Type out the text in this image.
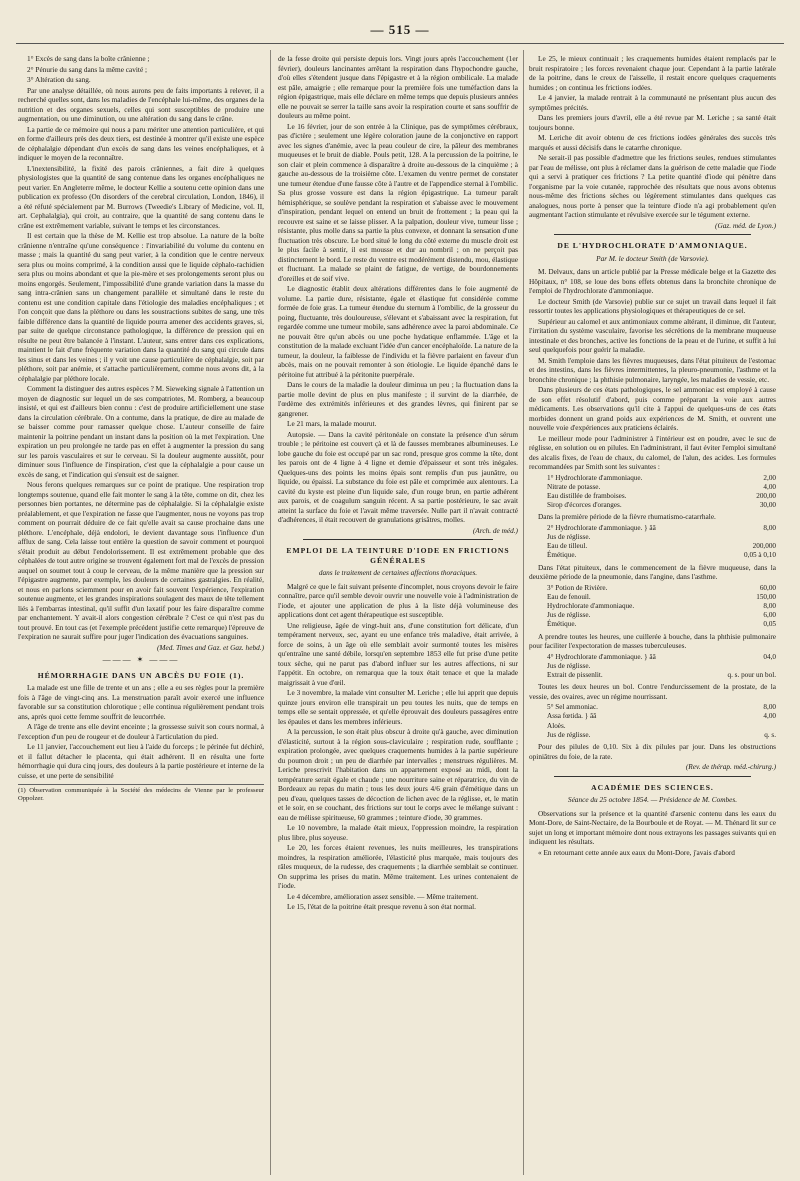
— 515 —

1° Excès de sang dans la boîte crânienne ;

2° Pénurie du sang dans la même cavité ;

3° Altération du sang.

Par une analyse détaillée, où nous aurons peu de faits importants à relever, il a recherché quelles sont, dans les maladies de l'encéphale lui-même, des organes de la nutrition et des organes sexuels, celles qui sont susceptibles de produire une augmentation, ou une diminution, ou une altération du sang dans le crâne.

La partie de ce mémoire qui nous a paru mériter une attention particulière, et qui en forme d'ailleurs près des deux tiers, est destinée à montrer qu'il existe une espèce de céphalalgie dépendant d'un excès de sang dans les veines encéphaliques, et à indiquer le moyen de la reconnaître.

L'inextensibilité, la fixité des parois crâniennes, a fait dire à quelques physiologistes que la quantité de sang contenue dans les organes encéphaliques ne peut varier. En Angleterre même, le docteur Kellie a soutenu cette opinion dans une publication ex professo (On disorders of the cerebral circulation, London, 1846), il a été réfuté spécialement par M. Burrows (Tweedie's Library of Medicine, vol. II, art. Cephalalgia), qui croit, au contraire, que la quantité de sang contenu dans le crâne est extrêmement variable, suivant le temps et les circonstances.

Il est certain que la thèse de M. Kellie est trop absolue. La nature de la boîte crânienne n'entraîne qu'une conséquence : l'invariabilité du volume du contenu en masse ; mais la quantité du sang peut varier, à la condition que le centre nerveux sera plus ou moins comprimé, à la condition aussi que le liquide céphalo-rachidien sera plus ou moins abondant et que la pie-mère et ses prolongements seront plus ou moins engorgés. Seulement, l'impossibilité d'une grande variation dans la masse du sang intra-crânien sans un changement parallèle et simultané dans le reste du contenu est une condition capitale dans l'étiologie des maladies encéphaliques ; et l'on conçoit que dans la pléthore ou dans les soustractions subites de sang, une très faible différence dans la quantité de liquide pourra amener des accidents graves, si, par suite de quelque circonstance pathologique, la différence de pression qui en résulte ne peut être balancée à l'instant. L'auteur, sans entrer dans ces explications, maintient le fait d'une fréquente variation dans la quantité du sang qui circule dans les sinus et dans les veines ; il y voit une cause particulière de céphalalgie, soit par pléthore, soit par anémie, et s'attache particulièrement, comme nous avons dit, à la céphalalgie par pléthore locale.

Comment la distinguer des autres espèces ? M. Sieweking signale à l'attention un moyen de diagnostic sur lequel un de ses compatriotes, M. Romberg, a beaucoup insisté, et qui est d'ailleurs bien connu : c'est de produire artificiellement une stase dans la circulation cérébrale. On a contume, dans la pratique, de dire au malade de se baisser comme pour ramasser quelque chose. L'auteur conseille de faire maintenir la poitrine pendant un instant dans la position où la met l'expiration. Une expiration un peu prolongée ne tarde pas en effet à augmenter la pression du sang sur les parois vasculaires et sur le cerveau. Si la douleur augmente aussitôt, pour diminuer sous l'influence de l'inspiration, c'est que la céphalalgie a pour cause un excès de sang, et l'indication qui s'ensuit est de saigner.

Nous ferons quelques remarques sur ce point de pratique. Une respiration trop longtemps soutenue, quand elle fait monter le sang à la tête, comme on dit, chez les personnes bien portantes, ne détermine pas de céphalalgie. Si la céphalalgie existe préalablement, et que l'expiration ne fasse que l'augmenter, nous ne voyons pas trop comment on pourrait déduire de ce fait qu'elle avait sa cause prochaine dans une pléthore. L'encéphale, déjà endolori, le devient davantage sous l'influence d'un afflux de sang. Cela laisse tout entière la question de savoir comment et pourquoi s'était produit au début l'endolorissement. Il est extrêmement probable que des céphalées de tout autre origine se trouvent également fort mal de l'excès de pression auquel on soumet tout à coup le cerveau, de la même manière que la pression sur l'épigastre augmente, par exemple, les douleurs de certaines gastralgies. En réalité, et nous en parlons sciemment pour en avoir fait souvent l'expérience, l'expiration soutenue augmente, et les grandes inspirations soulagent des maux de tête tellement liés à l'embarras intestinal, qu'il suffit d'un laxatif pour les faire disparaître comme par enchantement. Y avait-il alors congestion cérébrale ? C'est ce qui n'est pas du tout prouvé. En tout cas (et l'exemple précédent justifie cette remarque) l'épreuve de l'expiration ne saurait suffire pour juger l'indication des évacuations sanguines.

(Med. Times and Gaz. et Gaz. hebd.)

——— ✶ ———

HÉMORRHAGIE DANS UN ABCÈS DU FOIE (1).

La malade est une fille de trente et un ans ; elle a eu ses règles pour la première fois à l'âge de vingt-cinq ans. La menstruation paraît avoir exercé une influence favorable sur sa constitution chlorotique ; elle continua régulièrement pendant trois ans, après quoi cette femme souffrit de leucorrhée.

A l'âge de trente ans elle devint enceinte ; la grossesse suivit son cours normal, à l'exception d'un peu de rougeur et de douleur à l'articulation du pied.

Le 11 janvier, l'accouchement eut lieu à l'aide du forceps ; le périnée fut déchiré, et il fallut détacher le placenta, qui était adhérent. Il en résulta une forte hémorrhagie qui dura cinq jours, des douleurs à la partie postérieure et interne de la cuisse, et une perte de sensibilité

(1) Observation communiquée à la Société des médecins de Vienne par le professeur Oppolzer.

de la fesse droite qui persiste depuis lors. Vingt jours après l'accouchement (1er février), douleurs lancinantes arrêtant la respiration dans l'hypochondre gauche, d'où elles s'étendent jusque dans l'épigastre et à la région ombilicale. La malade est pâle, amaigrie ; elle remarque pour la première fois une tuméfaction dans la région épigastrique, mais elle déclare en même temps que depuis plusieurs années elle ne pouvait se serrer la taille sans avoir la respiration courte et sans souffrir de douleurs au même point.

Le 16 février, jour de son entrée à la Clinique, pas de symptômes cérébraux, pas d'ictère ; seulement une légère coloration jaune de la conjonctive en rapport avec les signes d'anémie, avec la peau couleur de cire, la pâleur des membranes muqueuses et le bruit de diable. Pouls petit, 128. A la percussion de la poitrine, le son clair et plein commence à disparaître à droite au-dessous de la cinquième ; à gauche au-dessous de la troisième côte. L'examen du ventre permet de constater une tumeur étendue d'une fausse côte à l'autre et de l'appendice sternal à l'ombilic. Sa plus grosse vossure est dans la région épigastrique. La tumeur paraît hémisphérique, se soulève pendant la respiration et s'abaisse avec le mouvement d'inspiration, pendant lequel on entend un bruit de frottement ; la peau qui la recouvre est saine et se laisse plisser. A la palpation, douleur vive, tumeur lisse ; résistante, plus molle dans sa partie la plus convexe, et donnant la sensation d'une fluctuation très obscure. Le bord situé le long du côté externe du muscle droit est le plus facile à sentir, il est mousse et dur au nombril ; on ne perçoit pas distinctement le bord. Le reste du ventre est modérément distendu, mou, élastique et fluctuant. La malade se plaint de fatigue, de vertige, de bourdonnements d'oreilles et de soif vive.

Le diagnostic établit deux altérations différentes dans le foie augmenté de volume. La partie dure, résistante, égale et élastique fut considérée comme formée de foie gras. La tumeur étendue du sternum à l'ombilic, de la grosseur du poing, fluctuante, très douloureuse, s'élevant et s'abaissant avec la respiration, fut regardée comme une tumeur mobile, sans adhérence avec la paroi abdominale. Ce ne pouvait être qu'un abcès ou une poche hydatique enflammée. L'âge et la constitution de la malade excluant l'idée d'un cancer encéphaloïde. La nature de la tumeur, la douleur, la faiblesse de l'individu et la fièvre parlaient en faveur d'un abcès, mais on ne pouvait remonter à son étiologie. Le liquide épanché dans le péritoine fut attribué à la péritonite puerpérale.

Dans le cours de la maladie la douleur diminua un peu ; la fluctuation dans la partie molle devint de plus en plus manifeste ; il survint de la diarrhée, de l'œdème des extrémités inférieures et des grandes lèvres, qui finirent par se gangrener.

Le 21 mars, la malade mourut.

Autopsie. — Dans la cavité péritonéale on constate la présence d'un sérum trouble ; le péritoine est couvert çà et là de fausses membranes albumineuses. Le lobe gauche du foie est occupé par un sac rond, presque gros comme la tête, dont les parois ont de 4 ligne à 4 ligne et demie d'épaisseur et sont très inégales. Quelques-uns des points les moins épais sont remplis d'un pus jaunâtre, ou liquide, ou épaissi. La substance du foie est pâle et comprimée aux alentours. La cavité du kyste est pleine d'un liquide sale, d'un rouge brun, en partie adhérent aux parois, et de coagulum sanguin récent. A sa partie postérieure, le sac avait atteint la surface du foie et l'avait même traversée. Nulle part il n'avait contracté d'adhérences, il était recouvert de granulations grisâtres, molles.

(Arch. de méd.)

EMPLOI DE LA TEINTURE D'IODE EN FRICTIONS GÉNÉRALES

dans le traitement de certaines affections thoraciques.

Malgré ce que le fait suivant présente d'incomplet, nous croyons devoir le faire connaître, parce qu'il semble devoir ouvrir une nouvelle voie à l'administration de l'iode, et ajouter une application de plus à la liste déjà volumineuse des applications dont cet agent thérapeutique est susceptible.

Une religieuse, âgée de vingt-huit ans, d'une constitution fort délicate, d'un tempérament nerveux, sec, ayant eu une enfance très maladive, était arrivée, à force de soins, à un âge où elle semblait avoir surmonté toutes les misères qu'entraîne une santé débile, lorsqu'en septembre 1853 elle fut prise d'une petite toux sèche, qui ne parut pas d'abord influer sur les autres affections, ni sur l'appétit. En octobre, on remarqua que la toux était tenace et que la malade maigrissait à vue d'œil.

Le 3 novembre, la malade vint consulter M. Leriche ; elle lui apprit que depuis quinze jours environ elle transpirait un peu toutes les nuits, que de temps en temps elle se sentait oppressée, et qu'elle éprouvait des douleurs passagères entre les épaules et dans les membres inférieurs.

A la percussion, le son était plus obscur à droite qu'à gauche, avec diminution d'élasticité, surtout à la région sous-claviculaire ; respiration rude, soufflante ; expiration prolongée, avec quelques craquements humides à la partie supérieure du poumon droit ; un peu de diarrhée par intervalles ; menstrues régulières. M. Leriche prescrivit l'habitation dans un appartement exposé au midi, dont la température serait égale et chaude ; une nourriture saine et réparatrice, du vin de Bordeaux au repas du matin ; tous les deux jours 4/6 grain d'émétique dans un peu d'eau, quelques tasses de décoction de lichen avec de la réglisse, et, le matin et le soir, en se couchant, des frictions sur tout le corps avec le mélange suivant : eau de mélisse spiritueuse, 60 grammes ; teinture d'iode, 30 grammes.

Le 10 novembre, la malade était mieux, l'oppression moindre, la respiration plus libre, plus soyeuse.

Le 20, les forces étaient revenues, les nuits meilleures, les transpirations moindres, la respiration améliorée, l'élasticité plus marquée, mais toujours des râles muqueux, de la rudesse, des craquements ; la diarrhée semblait se continuer. On supprima les prises du matin. Même traitement. Les urines contenaient de l'iode.

Le 4 décembre, amélioration assez sensible. — Même traitement.

Le 15, l'état de la poitrine était presque revenu à son état normal.

Le 25, le mieux continuait ; les craquements humides étaient remplacés par le bruit respiratoire ; les forces revenaient chaque jour. Cependant à la partie latérale de la poitrine, dans le creux de l'aisselle, il restait encore quelques craquements humides ; on continua les frictions iodées.

Le 4 janvier, la malade rentrait à la communauté ne présentant plus aucun des symptômes précités.

Dans les premiers jours d'avril, elle a été revue par M. Leriche ; sa santé était toujours bonne.

M. Leriche dit avoir obtenu de ces frictions iodées générales des succès très marqués et aussi décisifs dans le catarrhe chronique.

Ne serait-il pas possible d'admettre que les frictions seules, rendues stimulantes par l'eau de mélisse, ont plus à réclamer dans la guérison de cette maladie que l'iode qui a servi à pratiquer ces frictions ? La petite quantité d'iode qui pénètre dans l'organisme par la voie cutanée, rapprochée des résultats que nous avons obtenus nous-même des frictions sèches ou légèrement stimulantes dans quelques cas analogues, nous porte à penser que la teinture d'iode n'a agi probablement qu'en augmentant l'action stimulante et révulsive exercée sur le tégument externe.

(Gaz. méd. de Lyon.)

DE L'HYDROCHLORATE D'AMMONIAQUE.

Par M. le docteur Smith (de Varsovie).

M. Delvaux, dans un article publié par la Presse médicale belge et la Gazette des Hôpitaux, n° 108, se loue des bons effets obtenus dans la bronchite chronique de l'emploi de l'hydrochlorate d'ammoniaque.

Le docteur Smith (de Varsovie) publie sur ce sujet un travail dans lequel il fait ressortir toutes les applications physiologiques et thérapeutiques de ce sel.

Supérieur au calomel et aux antimoniaux comme altérant, il diminue, dit l'auteur, l'irritation du système vasculaire, favorise les sécrétions de la membrane muqueuse intestinale et des bronches, active les fonctions de la peau et de l'urine, et suffit à lui seul quelquefois pour guérir la maladie.

M. Smith l'emploie dans les fièvres muqueuses, dans l'état pituiteux de l'estomac et des intestins, dans les fièvres intermittentes, la pleuro-pneumonie, l'asthme et la bronchite chronique ; la phthisie pulmonaire, laryngée, les maladies de vessie, etc.

Dans plusieurs de ces états pathologiques, le sel ammoniac est employé à cause de son effet résolutif d'abord, puis comme préparant la voie aux autres médicaments. Les observations qu'il cite à l'appui de quelques-uns de ces états morbides donnent un grand poids aux expériences de M. Smith, et ouvrent une nouvelle voie d'expériences aux praticiens éclairés.

Le meilleur mode pour l'administrer à l'intérieur est en poudre, avec le suc de réglisse, en solution ou en pilules. En l'administrant, il faut éviter l'emploi simultané des alcalis fixes, de l'eau de chaux, du calomel, de l'alun, des acides. Les formules recommandées par Smith sont les suivantes :

1° Hydrochlorate d'ammoniaque.	2,00
Nitrate de potasse.	4,00
Eau distillée de framboises.	200,00
Sirop d'écorces d'oranges.	30,00

Dans la première période de la fièvre rhumatismo-catarrhale.

2° Hydrochlorate d'ammoniaque. } ââ	8,00
Jus de réglisse.
Eau de tilleul.	200,000
Émétique.	0,05 à 0,10

Dans l'état pituiteux, dans le commencement de la fièvre muqueuse, dans la deuxième période de la pneumonie, dans l'angine, dans l'asthme.

3° Potion de Rivière.	60,00
Eau de fenouil.	150,00
Hydrochlorate d'ammoniaque.	8,00
Jus de réglisse.	6,00
Émétique.	0,05

A prendre toutes les heures, une cuillerée à bouche, dans la phthisie pulmonaire pour faciliter l'expectoration de masses tuberculeuses.

4° Hydrochlorate d'ammoniaque. } ââ	04,0
Jus de réglisse.
Extrait de pissenlit.	q. s. pour un bol.

Toutes les deux heures un bol. Contre l'endurcissement de la prostate, de la vessie, des ovaires, avec un régime nourrissant.

5° Sel ammoniac.	8,00
Assa fœtida. } ââ	4,00
Aloès.
Jus de réglisse.	q. s.

Pour des pilules de 0,10. Six à dix pilules par jour. Dans les obstructions opiniâtres du foie, de la rate.

(Rev. de thérap. méd.-chirurg.)

ACADÉMIE DES SCIENCES.

Séance du 25 octobre 1854. — Présidence de M. Combes.

Observations sur la présence et la quantité d'arsenic contenu dans les eaux du Mont-Dore, de Saint-Nectaire, de la Bourboule et de Royat. — M. Thénard lit sur ce sujet un long et important mémoire dont nous extrayons les passages suivants qui en indiquent les résultats.

« En retournant cette année aux eaux du Mont-Dore, j'avais d'abord
